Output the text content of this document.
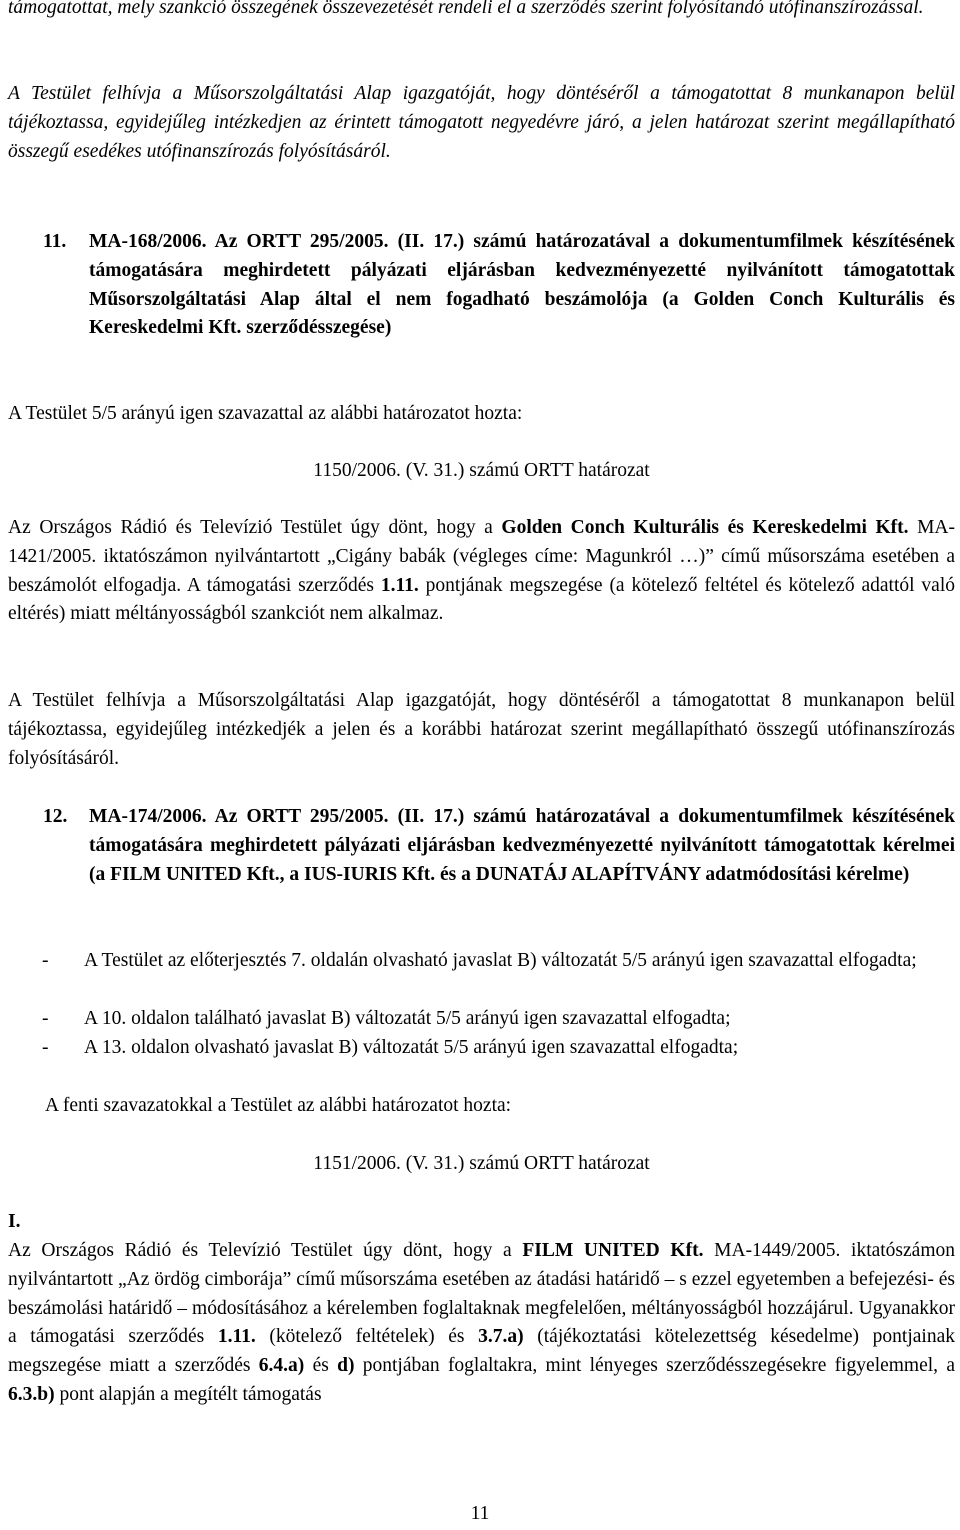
támogatottat, mely szankció összegének összevezetését rendeli el a szerződés szerint folyósítandó utófinanszírozással.

A Testület felhívja a Műsorszolgáltatási Alap igazgatóját, hogy döntéséről a támogatottat 8 munkanapon belül tájékoztassa, egyidejűleg intézkedjen az érintett támogatott negyedévre járó, a jelen határozat szerint megállapítható összegű esedékes utófinanszírozás folyósításáról.

11.	MA-168/2006. Az ORTT 295/2005. (II. 17.) számú határozatával a dokumentumfilmek készítésének támogatására meghirdetett pályázati eljárásban kedvezményezetté nyilvánított támogatottak Műsorszolgáltatási Alap által el nem fogadható beszámolója (a Golden Conch Kulturális és Kereskedelmi Kft. szerződésszegése)

A Testület 5/5 arányú igen szavazattal az alábbi határozatot hozta:

1150/2006. (V. 31.) számú ORTT határozat

Az Országos Rádió és Televízió Testület úgy dönt, hogy a Golden Conch Kulturális és Kereskedelmi Kft. MA-1421/2005. iktatószámon nyilvántartott „Cigány babák (végleges címe: Magunkról …)” című műsorszáma esetében a beszámolót elfogadja. A támogatási szerződés 1.11. pontjának megszegése (a kötelező feltétel és kötelező adattól való eltérés) miatt méltányosságból szankciót nem alkalmaz.

A Testület felhívja a Műsorszolgáltatási Alap igazgatóját, hogy döntéséről a támogatottat 8 munkanapon belül tájékoztassa, egyidejűleg intézkedjék a jelen és a korábbi határozat szerint megállapítható összegű utófinanszírozás folyósításáról.

12.	MA-174/2006. Az ORTT 295/2005. (II. 17.) számú határozatával a dokumentumfilmek készítésének támogatására meghirdetett pályázati eljárásban kedvezményezetté nyilvánított támogatottak kérelmei (a FILM UNITED Kft., a IUS-IURIS Kft. és a DUNATÁJ ALAPÍTVÁNY adatmódosítási kérelme)
- A Testület az előterjesztés 7. oldalán olvasható javaslat B) változatát 5/5 arányú igen szavazattal elfogadta;
- A 10. oldalon található javaslat B) változatát 5/5 arányú igen szavazattal elfogadta;
- A 13. oldalon olvasható javaslat B) változatát 5/5 arányú igen szavazattal elfogadta;

A fenti szavazatokkal a Testület az alábbi határozatot hozta:

1151/2006. (V. 31.) számú ORTT határozat

I.

Az Országos Rádió és Televízió Testület úgy dönt, hogy a FILM UNITED Kft. MA-1449/2005. iktatószámon nyilvántartott „Az ördög cimborája” című műsorszáma esetében az átadási határidő – s ezzel egyetemben a befejezési- és beszámolási határidő – módosításához a kérelemben foglaltaknak megfelelően, méltányosságból hozzájárul. Ugyanakkor a támogatási szerződés 1.11. (kötelező feltételek) és 3.7.a) (tájékoztatási kötelezettség késedelme) pontjainak megszegése miatt a szerződés 6.4.a) és d) pontjában foglaltakra, mint lényeges szerződésszegésekre figyelemmel, a 6.3.b) pont alapján a megítélt támogatás

11
